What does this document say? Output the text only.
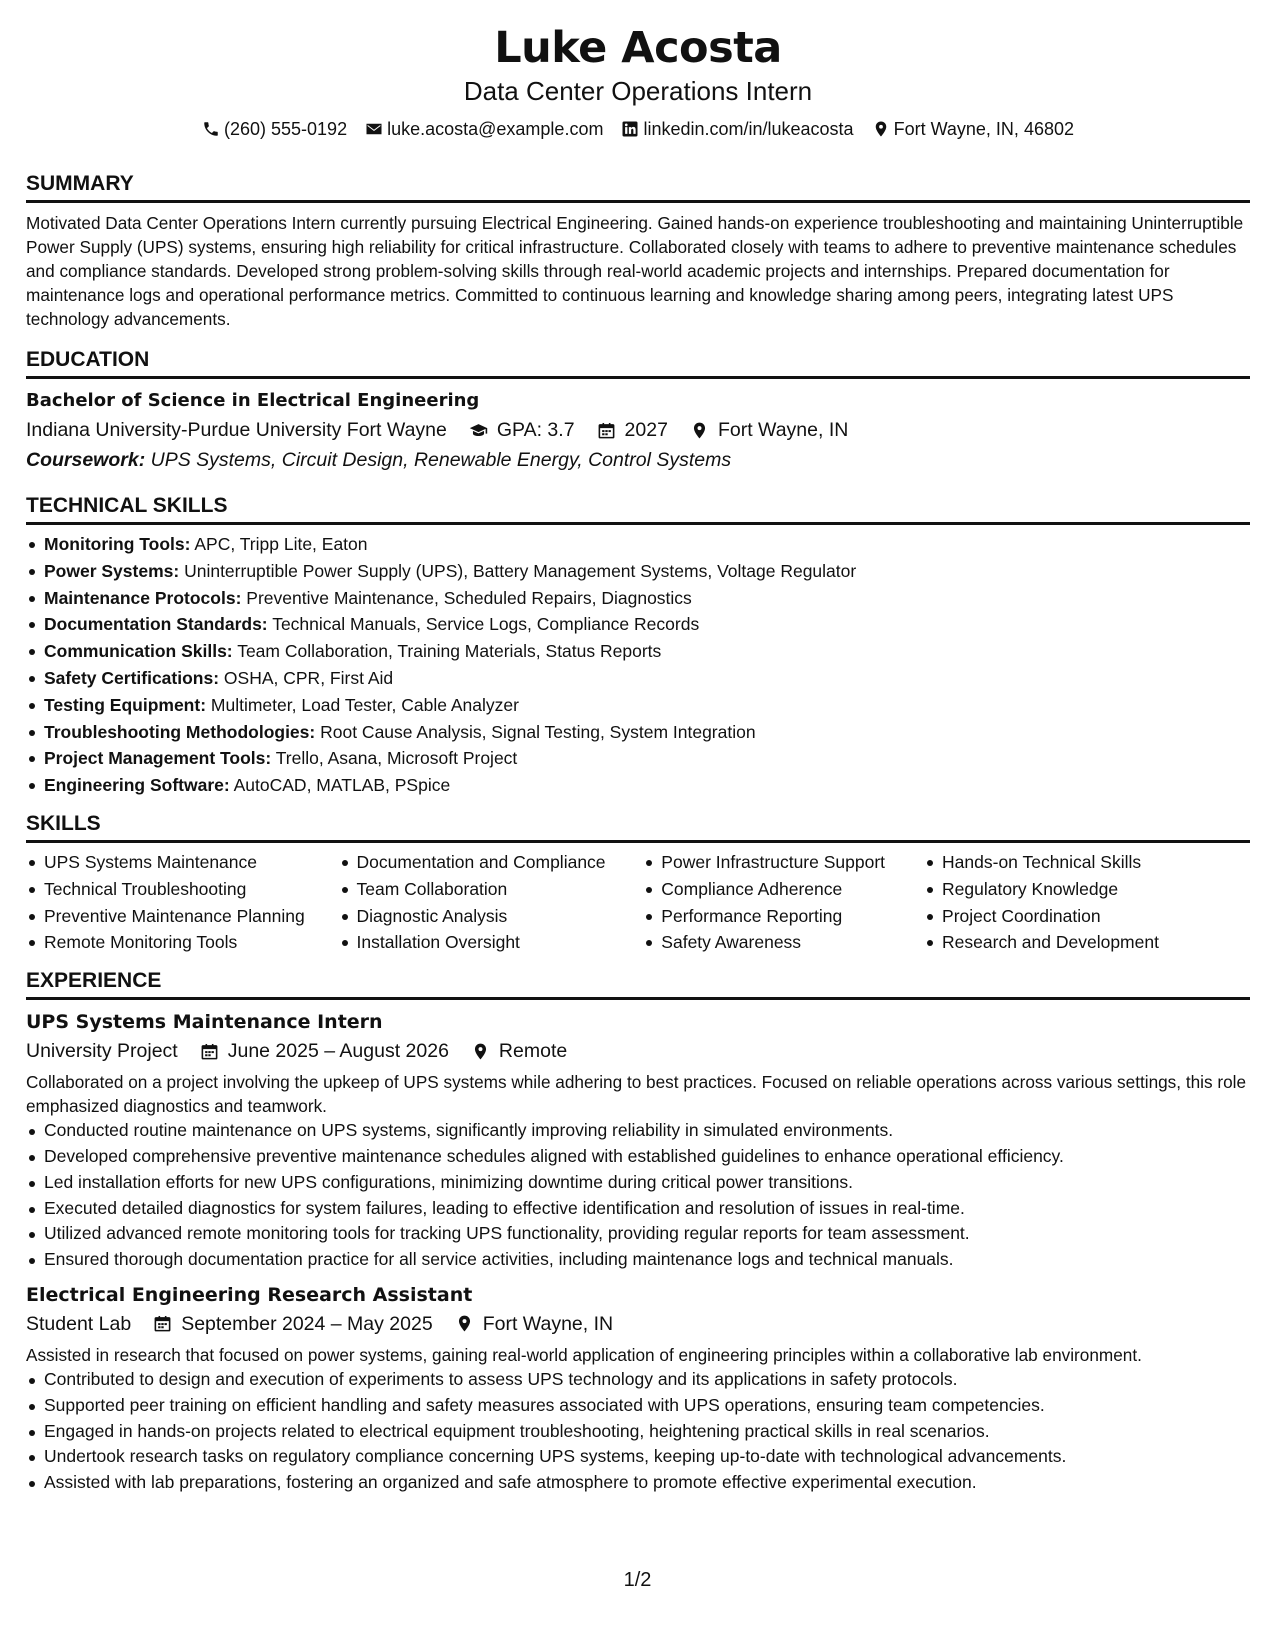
Luke Acosta
Data Center Operations Intern
(260) 555-0192 luke.acosta@example.com linkedin.com/in/lukeacosta Fort Wayne, IN, 46802
SUMMARY

Motivated Data Center Operations Intern currently pursuing Electrical Engineering. Gained hands-on experience troubleshooting and maintaining Uninterruptible Power Supply (UPS) systems, ensuring high reliability for critical infrastructure. Collaborated closely with teams to adhere to preventive maintenance schedules and compliance standards. Developed strong problem-solving skills through real-world academic projects and internships. Prepared documentation for maintenance logs and operational performance metrics. Committed to continuous learning and knowledge sharing among peers, integrating latest UPS technology advancements.

EDUCATION
Bachelor of Science in Electrical Engineering
Indiana University-Purdue University Fort Wayne	GPA: 3.7	2027	Fort Wayne, IN
Coursework: UPS Systems, Circuit Design, Renewable Energy, Control Systems
TECHNICAL SKILLS
Monitoring Tools: APC, Tripp Lite, Eaton
Power Systems: Uninterruptible Power Supply (UPS), Battery Management Systems, Voltage Regulator
Maintenance Protocols: Preventive Maintenance, Scheduled Repairs, Diagnostics
Documentation Standards: Technical Manuals, Service Logs, Compliance Records
Communication Skills: Team Collaboration, Training Materials, Status Reports
Safety Certifications: OSHA, CPR, First Aid
Testing Equipment: Multimeter, Load Tester, Cable Analyzer
Troubleshooting Methodologies: Root Cause Analysis, Signal Testing, System Integration
Project Management Tools: Trello, Asana, Microsoft Project
Engineering Software: AutoCAD, MATLAB, PSpice
SKILLS
UPS Systems Maintenance
Technical Troubleshooting
Preventive Maintenance Planning
Remote Monitoring Tools
Documentation and Compliance
Team Collaboration
Diagnostic Analysis
Installation Oversight
Power Infrastructure Support
Compliance Adherence
Performance Reporting
Safety Awareness
Hands-on Technical Skills
Regulatory Knowledge
Project Coordination
Research and Development
EXPERIENCE
UPS Systems Maintenance Intern
University Project	June 2025 – August 2026	Remote
Collaborated on a project involving the upkeep of UPS systems while adhering to best practices. Focused on reliable operations across various settings, this role emphasized diagnostics and teamwork.
Conducted routine maintenance on UPS systems, significantly improving reliability in simulated environments.
Developed comprehensive preventive maintenance schedules aligned with established guidelines to enhance operational efficiency.
Led installation efforts for new UPS configurations, minimizing downtime during critical power transitions.
Executed detailed diagnostics for system failures, leading to effective identification and resolution of issues in real-time.
Utilized advanced remote monitoring tools for tracking UPS functionality, providing regular reports for team assessment.
Ensured thorough documentation practice for all service activities, including maintenance logs and technical manuals.
Electrical Engineering Research Assistant
Student Lab	September 2024 – May 2025	Fort Wayne, IN
Assisted in research that focused on power systems, gaining real-world application of engineering principles within a collaborative lab environment.
Contributed to design and execution of experiments to assess UPS technology and its applications in safety protocols.
Supported peer training on efficient handling and safety measures associated with UPS operations, ensuring team competencies.
Engaged in hands-on projects related to electrical equipment troubleshooting, heightening practical skills in real scenarios.
Undertook research tasks on regulatory compliance concerning UPS systems, keeping up-to-date with technological advancements.
Assisted with lab preparations, fostering an organized and safe atmosphere to promote effective experimental execution.
1/2
